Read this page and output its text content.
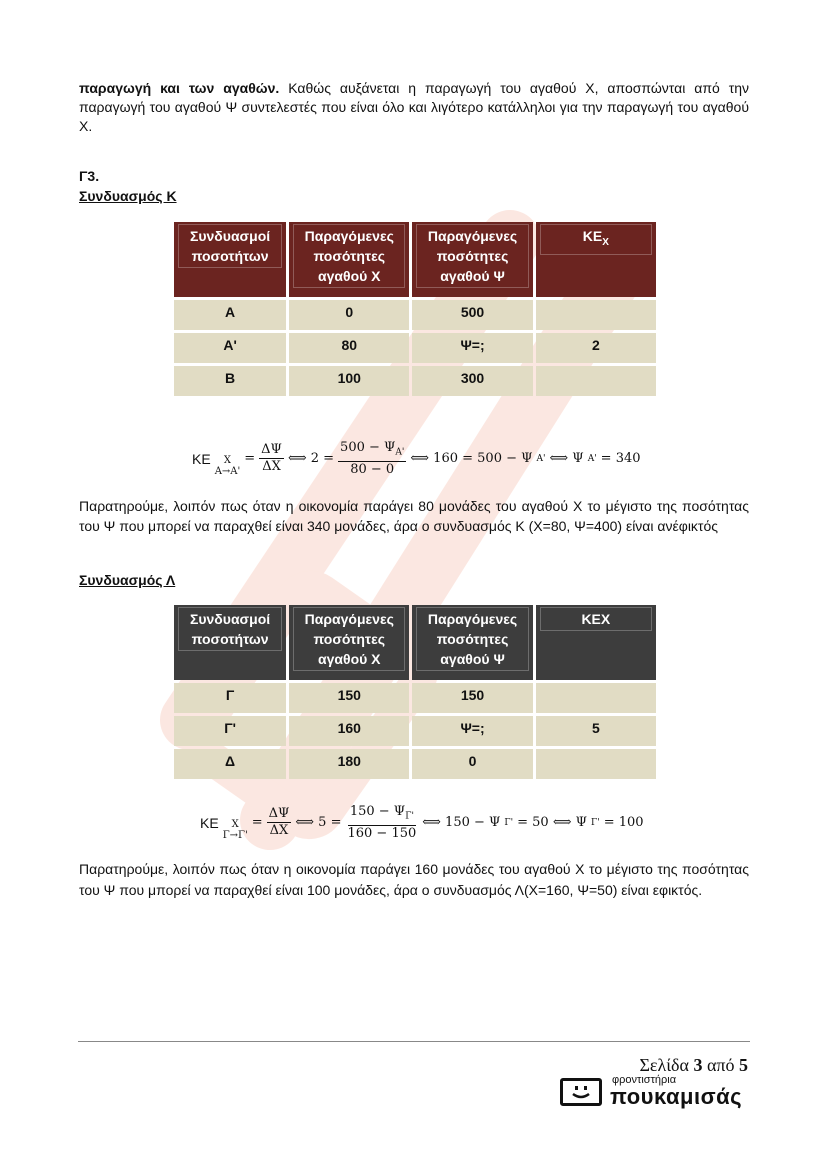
παραγωγή και των αγαθών. Καθώς αυξάνεται η παραγωγή του αγαθού Χ, αποσπώνται από την παραγωγή του αγαθού Ψ συντελεστές που είναι όλο και λιγότερο κατάλληλοι για την παραγωγή του αγαθού Χ.

Γ3.

Συνδυασμός Κ

Συνδυασμοί ποσοτήτων	Παραγόμενες ποσότητες αγαθού Χ	Παραγόμενες ποσότητες αγαθού Ψ	$KE_X$

Α	0	500	
Α'	80	Ψ=;	2
Β	100	300	
ΚΕ Χ
Α→Α'
= $\frac{\Delta\Psi}{\Delta X}$ ⟺ $2 = \frac{500 - \Psi_{A'}}{80 - 0}$ ⟺ 160 = 500 − Ψ Α' ⟺ Ψ Α' = 340

Παρατηρούμε, λοιπόν πως όταν η οικονομία παράγει 80 μονάδες του αγαθού Χ το μέγιστο της ποσότητας του Ψ που μπορεί να παραχθεί είναι 340 μονάδες, άρα ο συνδυασμός Κ (Χ=80, Ψ=400) είναι ανέφικτός

Συνδυασμός Λ

Συνδυασμοί ποσοτήτων	Παραγόμενες ποσότητες αγαθού Χ	Παραγόμενες ποσότητες αγαθού Ψ	ΚΕΧ

Γ	150	150	
Γ'	160	Ψ=;	5
Δ	180	0	
ΚΕ Χ
Γ→Γ'
= $\frac{\Delta\Psi}{\Delta X}$ ⟺ $5 = \frac{150 - \Psi_{\Gamma'}}{160 - 150}$ ⟺ 150 − Ψ Γ' = 50 ⟺ Ψ Γ' = 100

Παρατηρούμε, λοιπόν πως όταν η οικονομία παράγει 160 μονάδες του αγαθού Χ το μέγιστο της ποσότητας του Ψ που μπορεί να παραχθεί είναι 100 μονάδες, άρα ο συνδυασμός Λ(Χ=160, Ψ=50) είναι εφικτός.

Σελίδα 3 από 5
φροντιστήρια
πουκαμισάς
